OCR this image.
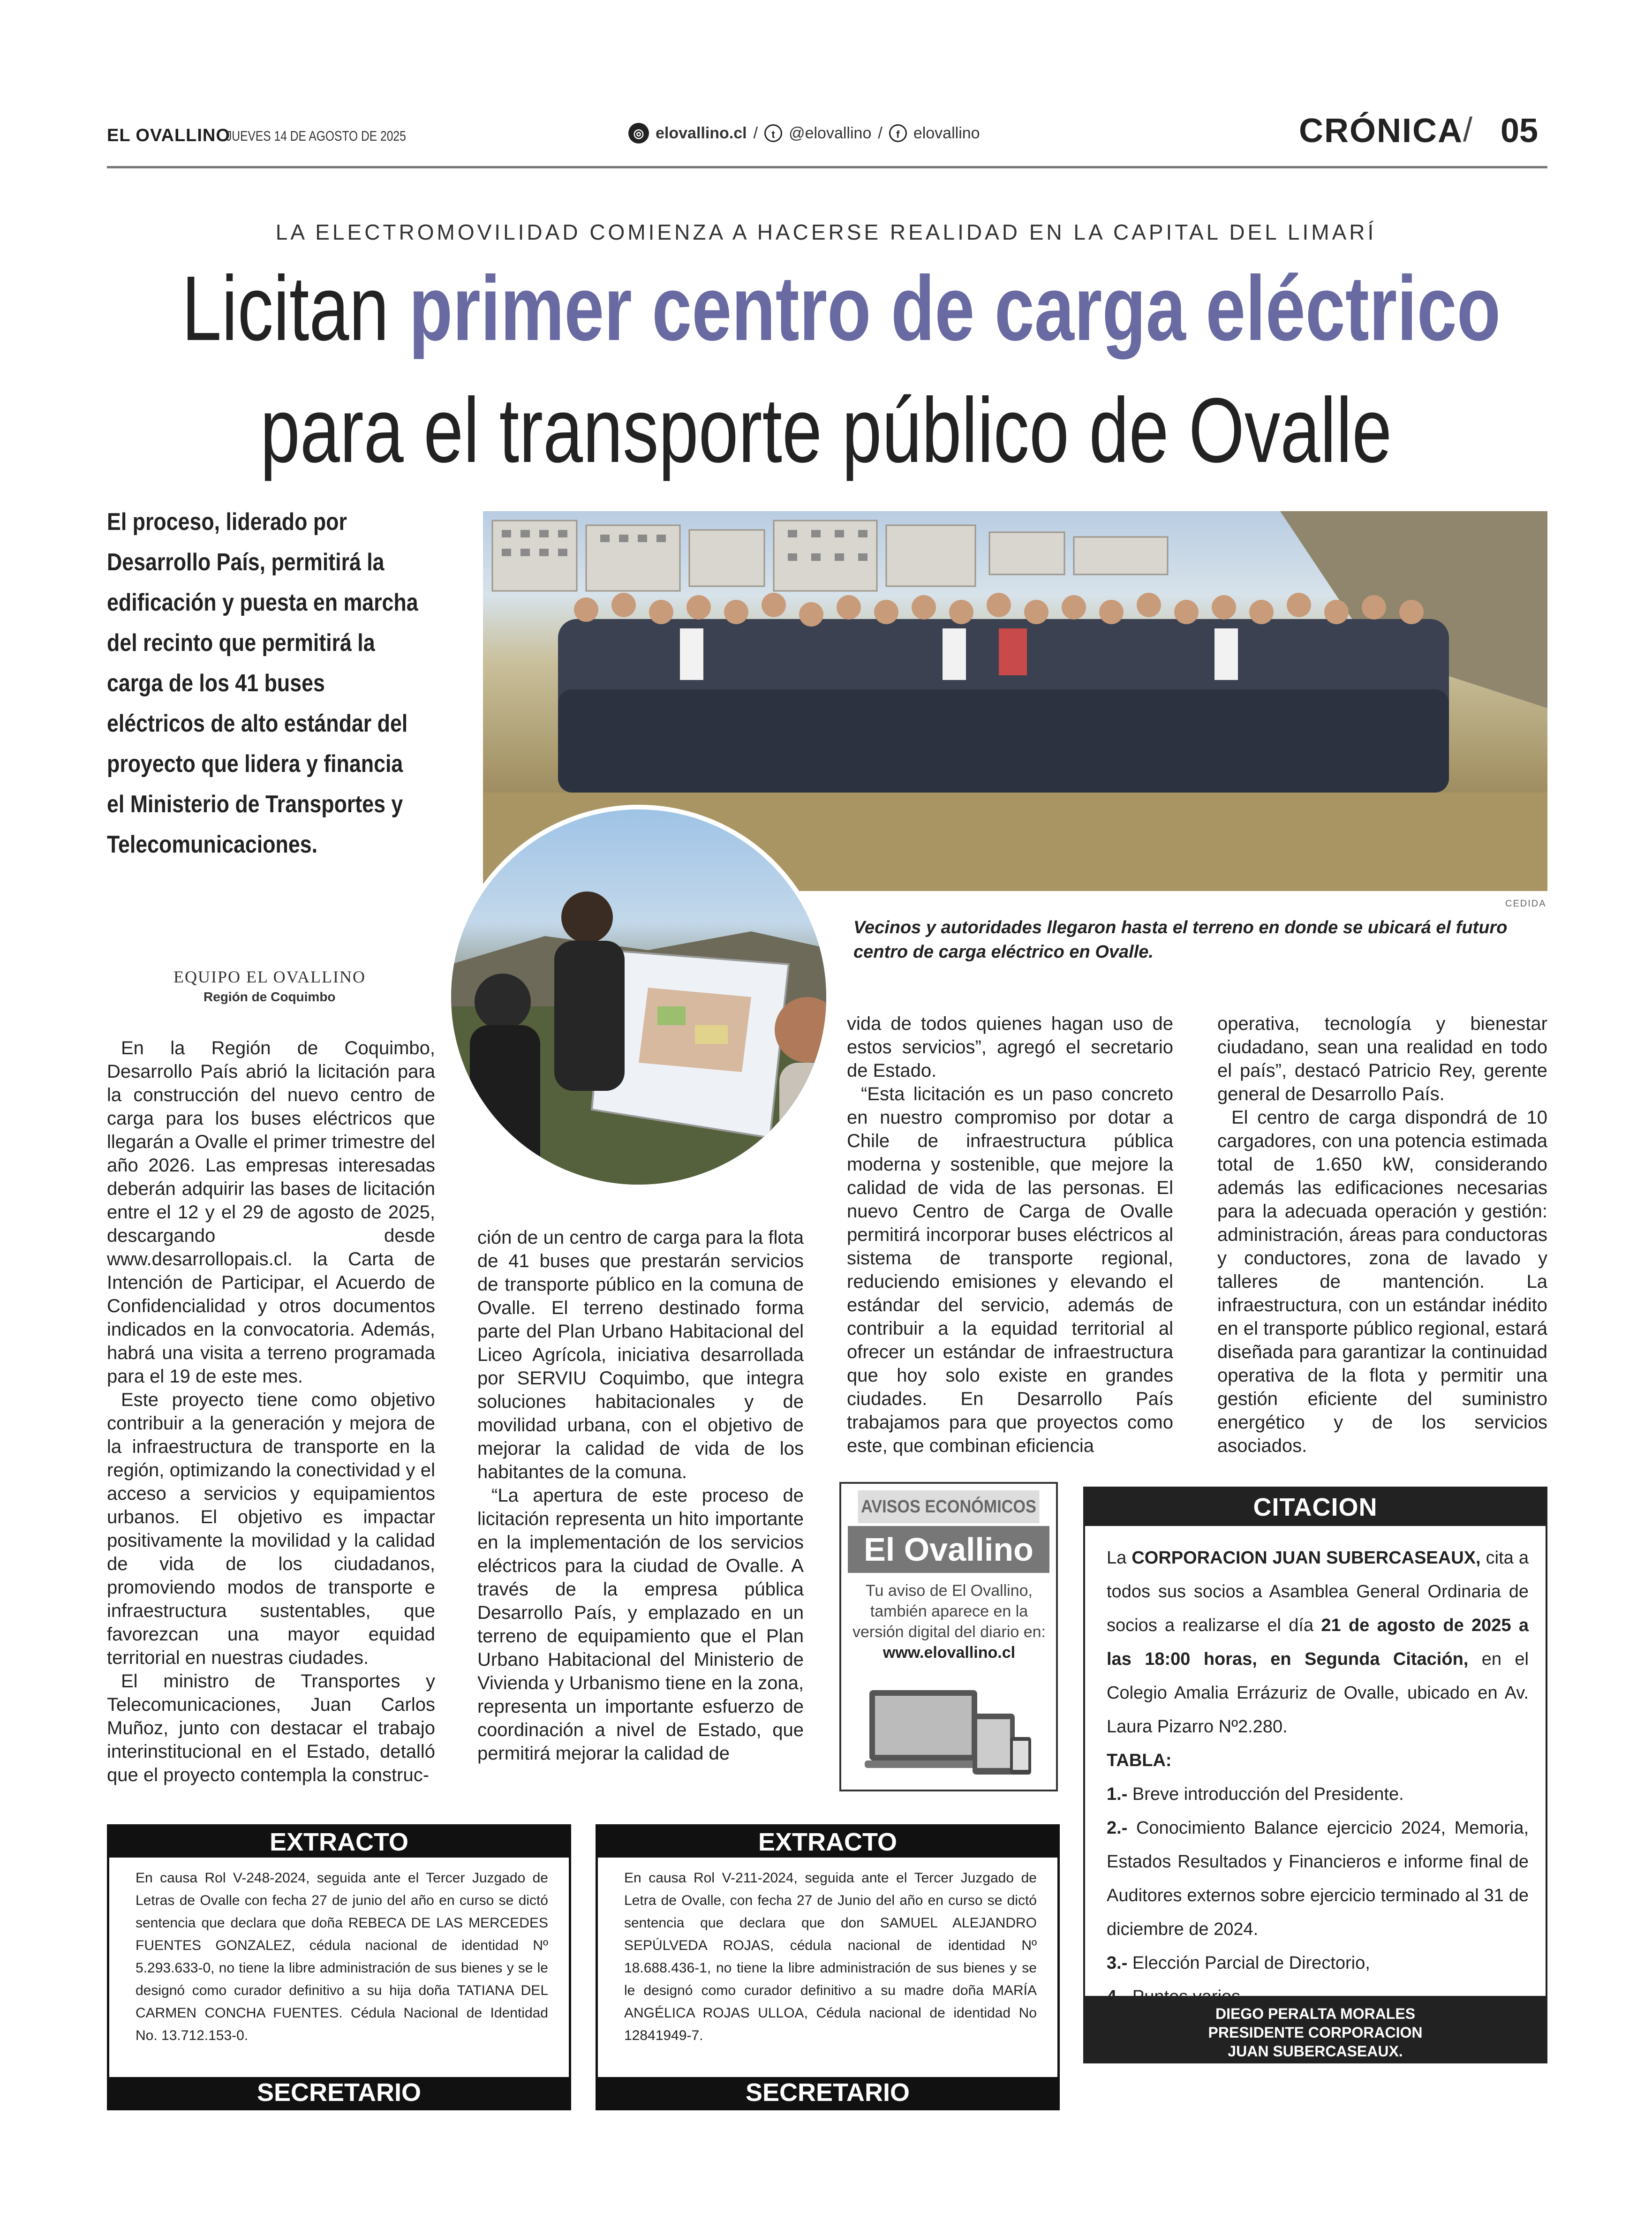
EL OVALLINO
JUEVES 14 DE AGOSTO DE 2025	◎ elovallino.cl /	t @elovallino /	f elovallino	CRÓNICA / 05
LA ELECTROMOVILIDAD COMIENZA A HACERSE REALIDAD EN LA CAPITAL DEL LIMARÍ
Licitan primer centro de carga eléctrico
para el transporte público de Ovalle
El proceso, liderado por Desarrollo País, permitirá la edificación y puesta en marcha del recinto que permitirá la carga de los 41 buses eléctricos de alto estándar del proyecto que lidera y financia el Ministerio de Transportes y Telecomunicaciones.
CEDIDA
Vecinos y autoridades llegaron hasta el terreno en donde se ubicará el futuro centro de carga eléctrico en Ovalle.
EQUIPO EL OVALLINO
Región de Coquimbo

En la Región de Coquimbo, Desarrollo País abrió la licitación para la construcción del nuevo centro de carga para los buses eléctricos que llegarán a Ovalle el primer trimestre del año 2026. Las empresas interesadas deberán adquirir las bases de licitación entre el 12 y el 29 de agosto de 2025, descargando desde www.desarrollopais.cl. la Carta de Intención de Participar, el Acuerdo de Confidencialidad y otros documentos indicados en la convocatoria. Además, habrá una visita a terreno programada para el 19 de este mes.

Este proyecto tiene como objetivo contribuir a la generación y mejora de la infraestructura de transporte en la región, optimizando la conectividad y el acceso a servicios y equipamientos urbanos. El objetivo es impactar positivamente la movilidad y la calidad de vida de los ciudadanos, promoviendo modos de transporte e infraestructura sustentables, que favorezcan una mayor equidad territorial en nuestras ciudades.

El ministro de Transportes y Telecomunicaciones, Juan Carlos Muñoz, junto con destacar el trabajo interinstitucional en el Estado, detalló que el proyecto contempla la construc-

ción de un centro de carga para la flota de 41 buses que prestarán servicios de transporte público en la comuna de Ovalle. El terreno destinado forma parte del Plan Urbano Habitacional del Liceo Agrícola, iniciativa desarrollada por SERVIU Coquimbo, que integra soluciones habitacionales y de movilidad urbana, con el objetivo de mejorar la calidad de vida de los habitantes de la comuna.

“La apertura de este proceso de licitación representa un hito importante en la implementación de los servicios eléctricos para la ciudad de Ovalle. A través de la empresa pública Desarrollo País, y emplazado en un terreno de equipamiento que el Plan Urbano Habitacional del Ministerio de Vivienda y Urbanismo tiene en la zona, representa un importante esfuerzo de coordinación a nivel de Estado, que permitirá mejorar la calidad de

vida de todos quienes hagan uso de estos servicios”, agregó el secretario de Estado.

“Esta licitación es un paso concreto en nuestro compromiso por dotar a Chile de infraestructura pública moderna y sostenible, que mejore la calidad de vida de las personas. El nuevo Centro de Carga de Ovalle permitirá incorporar buses eléctricos al sistema de transporte regional, reduciendo emisiones y elevando el estándar del servicio, además de contribuir a la equidad territorial al ofrecer un estándar de infraestructura que hoy solo existe en grandes ciudades. En Desarrollo País trabajamos para que proyectos como este, que combinan eficiencia

operativa, tecnología y bienestar ciudadano, sean una realidad en todo el país”, destacó Patricio Rey, gerente general de Desarrollo País.

El centro de carga dispondrá de 10 cargadores, con una potencia estimada total de 1.650 kW, considerando además las edificaciones necesarias para la adecuada operación y gestión: administración, áreas para conductoras y conductores, zona de lavado y talleres de mantención. La infraestructura, con un estándar inédito en el transporte público regional, estará diseñada para garantizar la continuidad operativa de la flota y permitir una gestión eficiente del suministro energético y de los servicios asociados.

AVISOS ECONÓMICOS
El Ovallino
Tu aviso de El Ovallino, también aparece en la versión digital del diario en: www.elovallino.cl
CITACION
La CORPORACION JUAN SUBERCASEAUX, cita a todos sus socios a Asamblea General Ordinaria de socios a realizarse el día 21 de agosto de 2025 a las 18:00 horas, en Segunda Citación, en el Colegio Amalia Errázuriz de Ovalle, ubicado en Av. Laura Pizarro Nº2.280.
TABLA:
1.- Breve introducción del Presidente.
2.- Conocimiento Balance ejercicio 2024, Memoria, Estados Resultados y Financieros e informe final de Auditores externos sobre ejercicio terminado al 31 de diciembre de 2024.
3.- Elección Parcial de Directorio,
DIEGO PERALTA MORALES
PRESIDENTE CORPORACION
JUAN SUBERCASEAUX.
EXTRACTO
En causa Rol V-248-2024, seguida ante el Tercer Juzgado de Letras de Ovalle con fecha 27 de junio del año en curso se dictó sentencia que declara que doña REBECA DE LAS MERCEDES FUENTES GONZALEZ, cédula nacional de identidad Nº 5.293.633-0, no tiene la libre administración de sus bienes y se le designó como curador definitivo a su hija doña TATIANA DEL CARMEN CONCHA FUENTES. Cédula Nacional de Identidad No. 13.712.153-0.
SECRETARIO
EXTRACTO
En causa Rol V-211-2024, seguida ante el Tercer Juzgado de Letra de Ovalle, con fecha 27 de Junio del año en curso se dictó sentencia que declara que don SAMUEL ALEJANDRO SEPÚLVEDA ROJAS, cédula nacional de identidad Nº 18.688.436-1, no tiene la libre administración de sus bienes y se le designó como curador definitivo a su madre doña MARÍA ANGÉLICA ROJAS ULLOA, Cédula nacional de identidad No 12841949-7.
SECRETARIO
